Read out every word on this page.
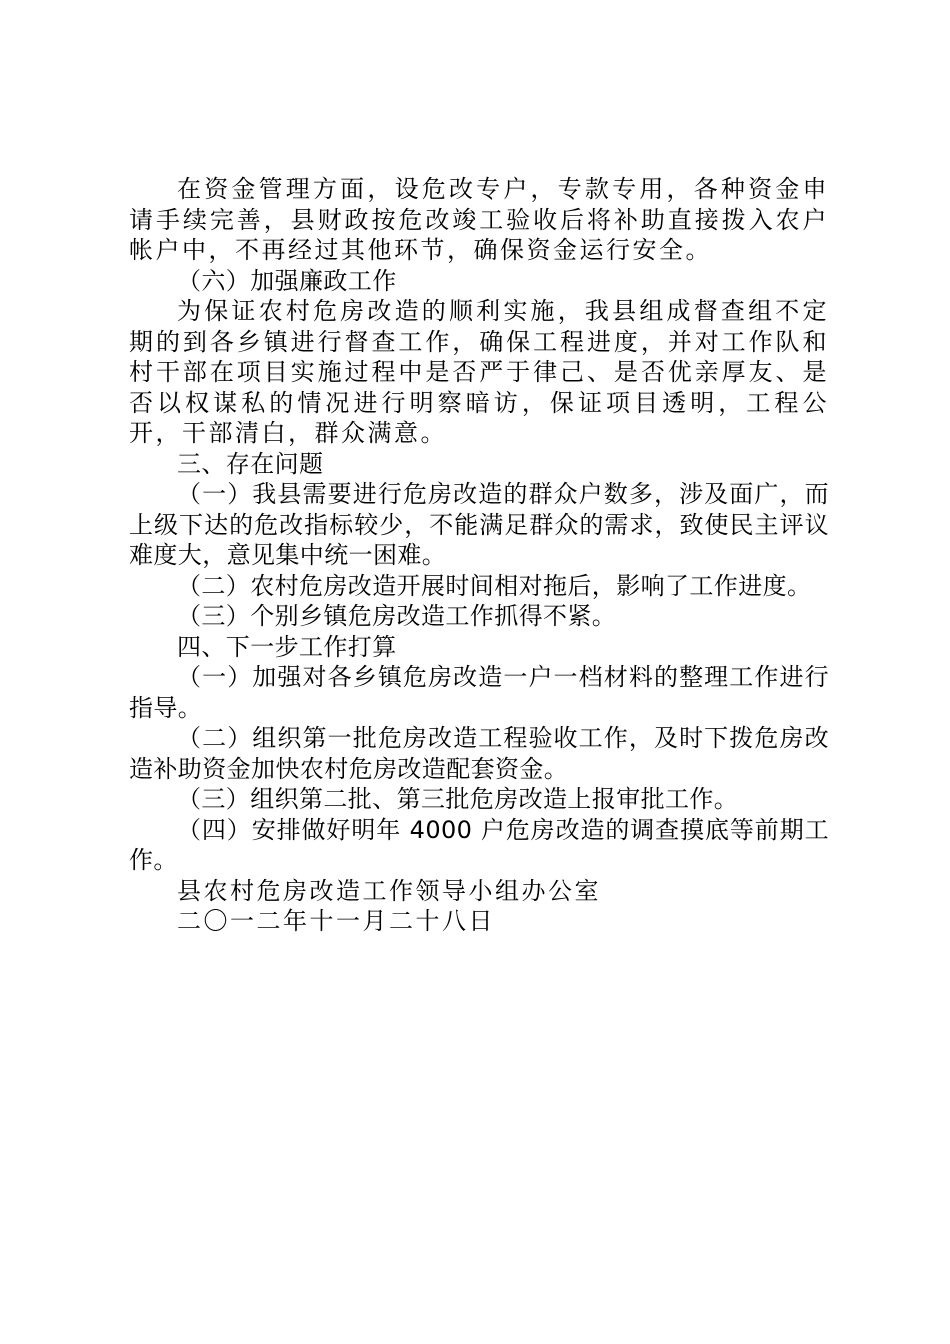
在资金管理方面，设危改专户，专款专用，各种资金申请手续完善，县财政按危改竣工验收后将补助直接拨入农户帐户中，不再经过其他环节，确保资金运行安全。

（六）加强廉政工作

为保证农村危房改造的顺利实施，我县组成督查组不定期的到各乡镇进行督查工作，确保工程进度，并对工作队和村干部在项目实施过程中是否严于律己、是否优亲厚友、是否以权谋私的情况进行明察暗访，保证项目透明，工程公开，干部清白，群众满意。

三、存在问题

（一）我县需要进行危房改造的群众户数多，涉及面广，而上级下达的危改指标较少，不能满足群众的需求，致使民主评议难度大，意见集中统一困难。

（二）农村危房改造开展时间相对拖后，影响了工作进度。

（三）个别乡镇危房改造工作抓得不紧。

四、下一步工作打算

（一）加强对各乡镇危房改造一户一档材料的整理工作进行指导。

（二）组织第一批危房改造工程验收工作，及时下拨危房改造补助资金加快农村危房改造配套资金。

（三）组织第二批、第三批危房改造上报审批工作。

（四）安排做好明年 4000 户危房改造的调查摸底等前期工作。

县农村危房改造工作领导小组办公室

二〇一二年十一月二十八日
